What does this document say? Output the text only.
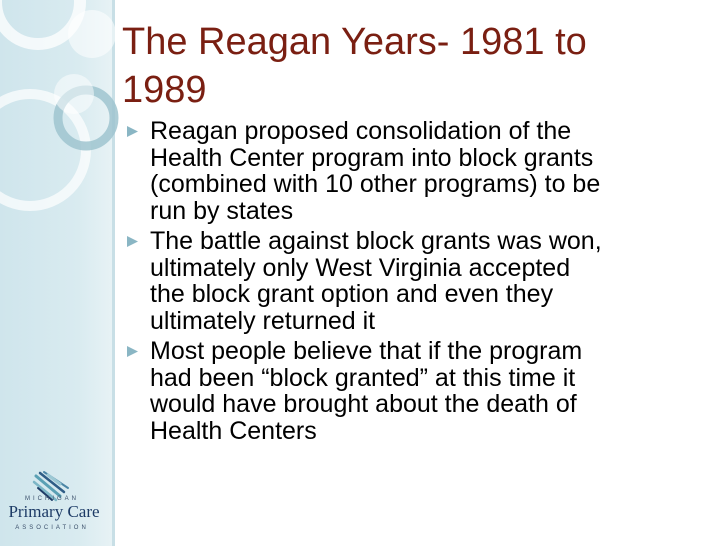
The Reagan Years- 1981 to
1989
Reagan proposed consolidation of the
Health Center program into block grants
(combined with 10 other programs) to be
run by states
The battle against block grants was won,
ultimately only West Virginia accepted
the block grant option and even they
ultimately returned it
Most people believe that if the program
had been “block granted” at this time it
would have brought about the death of
Health Centers
MICHIGAN
Primary Care
ASSOCIATION
